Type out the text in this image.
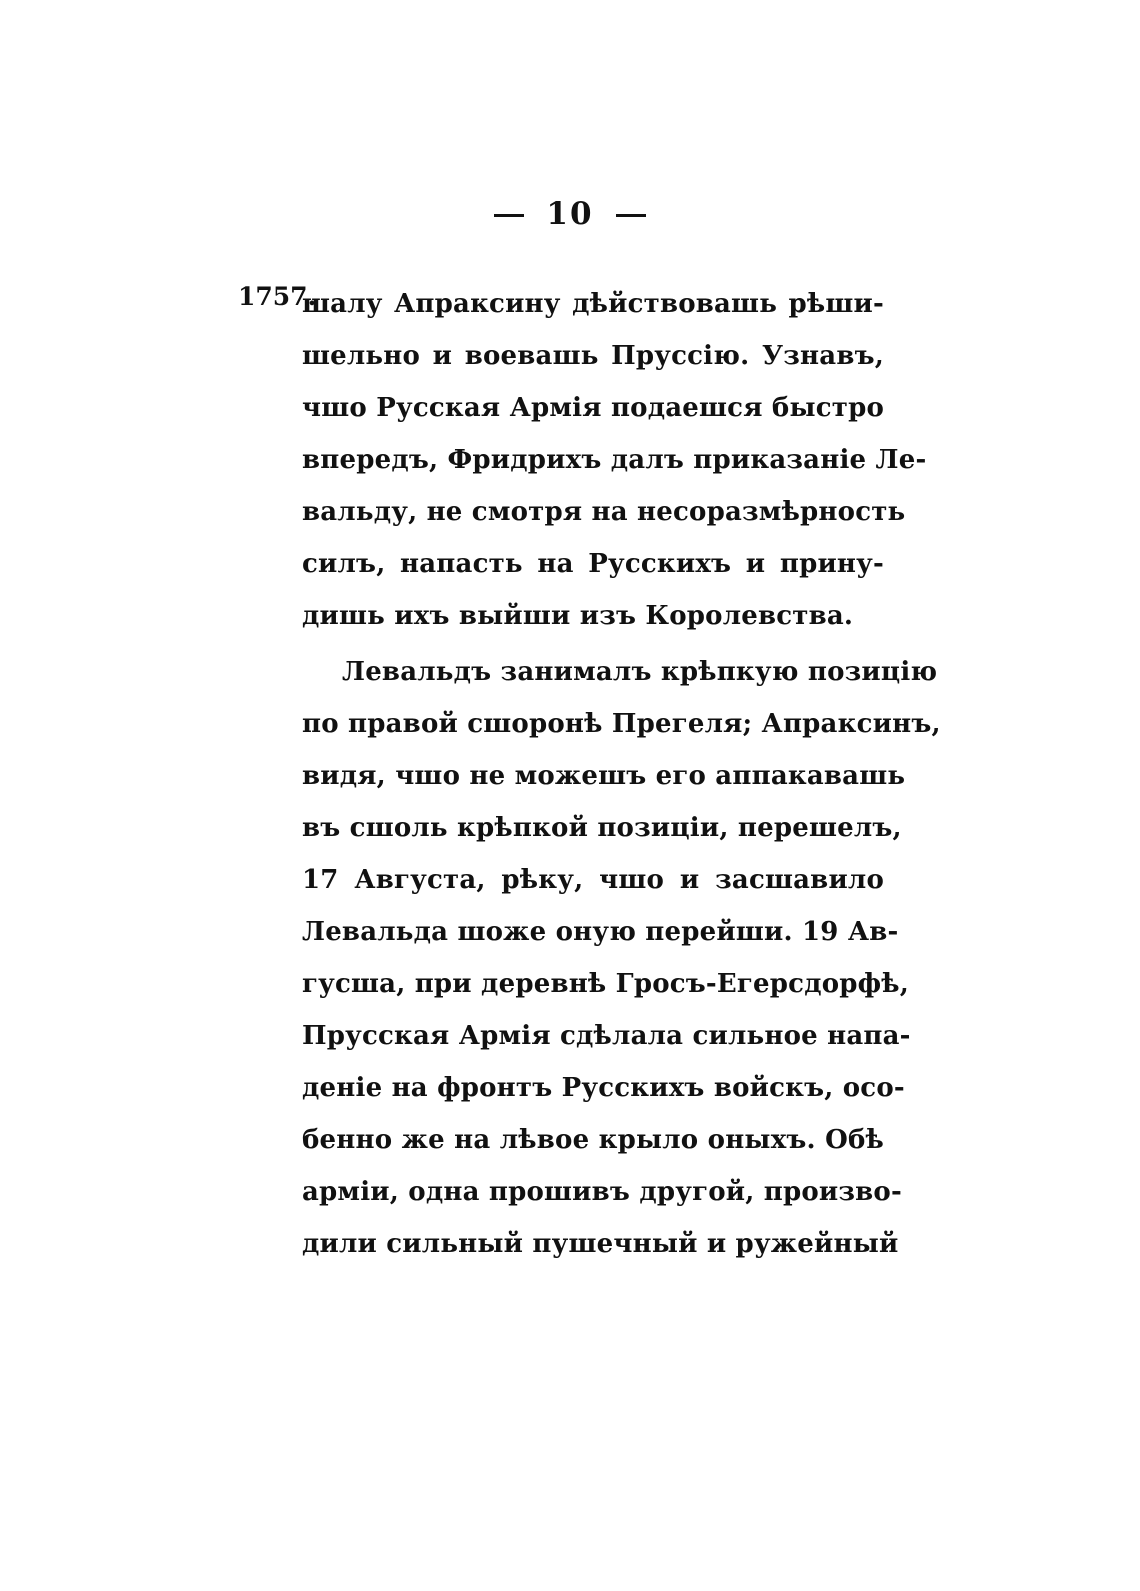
10
1757.
шалу Апраксину дѣйствовашь рѣши-
шельно и воевашь Пруссію. Узнавъ,
чшо Русская Армія подаешся быстро
впередъ, Фридрихъ далъ приказаніе Ле-
вальду, не смотря на несоразмѣрность
силъ, напасть на Русскихъ и прину-
дишь ихъ выйши изъ Королевства.
Левальдъ занималъ крѣпкую позицію
по правой сшоронѣ Прегеля; Апраксинъ,
видя, чшо не можешъ его аппакавашь
въ сшоль крѣпкой позиціи, перешелъ,
17 Августа, рѣку, чшо и засшавило
Левальда шоже оную перейши. 19 Ав-
гусша, при деревнѣ Гросъ-Егерсдорфѣ,
Прусская Армія сдѣлала сильное напа-
деніе на фронтъ Русскихъ войскъ, осо-
бенно же на лѣвое крыло оныхъ. Обѣ
арміи, одна прошивъ другой, произво-
дили сильный пушечный и ружейный
